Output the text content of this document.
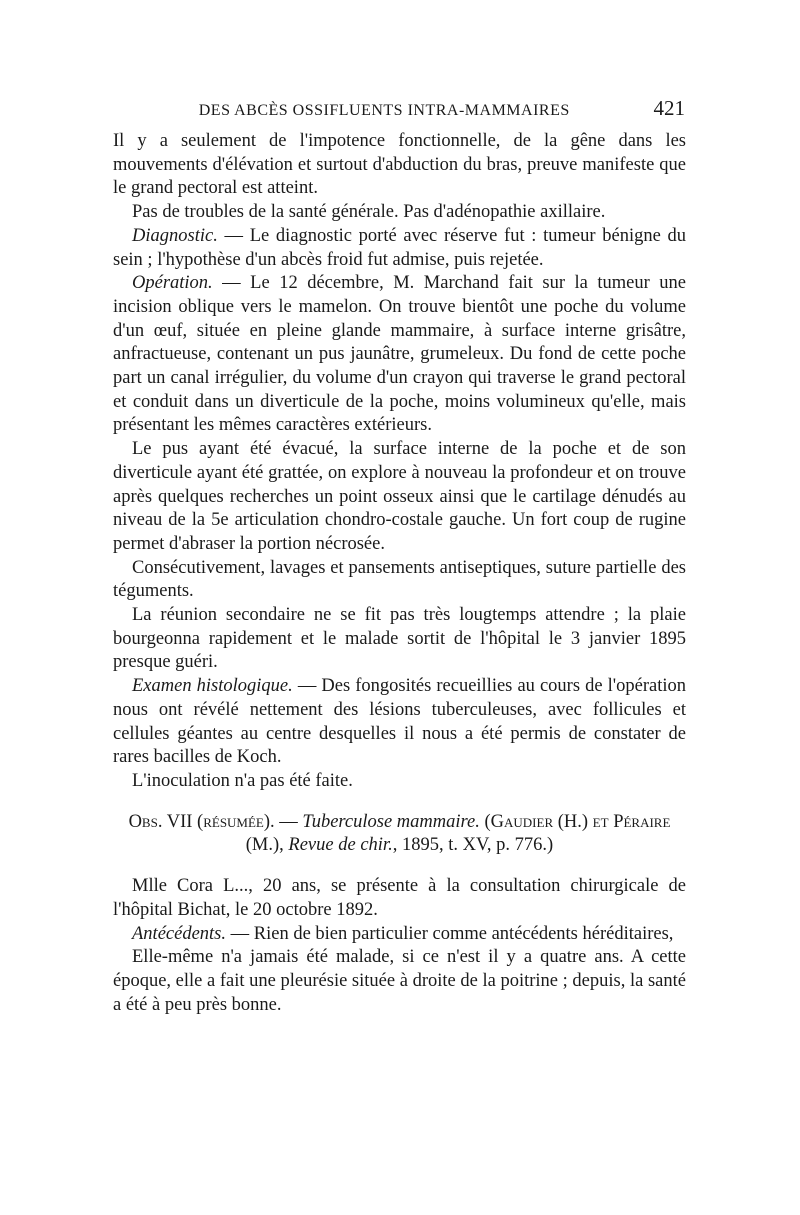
DES ABCÈS OSSIFLUENTS INTRA-MAMMAIRES	421

Il y a seulement de l'impotence fonctionnelle, de la gêne dans les mouvements d'élévation et surtout d'abduction du bras, preuve manifeste que le grand pectoral est atteint.

Pas de troubles de la santé générale. Pas d'adénopathie axillaire.

Diagnostic. — Le diagnostic porté avec réserve fut : tumeur bénigne du sein ; l'hypothèse d'un abcès froid fut admise, puis rejetée.

Opération. — Le 12 décembre, M. Marchand fait sur la tumeur une incision oblique vers le mamelon. On trouve bientôt une poche du volume d'un œuf, située en pleine glande mammaire, à surface interne grisâtre, anfractueuse, contenant un pus jaunâtre, grumeleux. Du fond de cette poche part un canal irrégulier, du volume d'un crayon qui traverse le grand pectoral et conduit dans un diverticule de la poche, moins volumineux qu'elle, mais présentant les mêmes caractères extérieurs.

Le pus ayant été évacué, la surface interne de la poche et de son diverticule ayant été grattée, on explore à nouveau la profondeur et on trouve après quelques recherches un point osseux ainsi que le cartilage dénudés au niveau de la 5e articulation chondro-costale gauche. Un fort coup de rugine permet d'abraser la portion nécrosée.

Consécutivement, lavages et pansements antiseptiques, suture partielle des téguments.

La réunion secondaire ne se fit pas très lougtemps attendre ; la plaie bourgeonna rapidement et le malade sortit de l'hôpital le 3 janvier 1895 presque guéri.

Examen histologique. — Des fongosités recueillies au cours de l'opération nous ont révélé nettement des lésions tuberculeuses, avec follicules et cellules géantes au centre desquelles il nous a été permis de constater de rares bacilles de Koch.

L'inoculation n'a pas été faite.

Obs. VII (résumée). — Tuberculose mammaire. (Gaudier (H.) et Péraire (M.), Revue de chir., 1895, t. XV, p. 776.)

Mlle Cora L..., 20 ans, se présente à la consultation chirurgicale de l'hôpital Bichat, le 20 octobre 1892.

Antécédents. — Rien de bien particulier comme antécédents héréditaires,

Elle-même n'a jamais été malade, si ce n'est il y a quatre ans. A cette époque, elle a fait une pleurésie située à droite de la poitrine ; depuis, la santé a été à peu près bonne.
